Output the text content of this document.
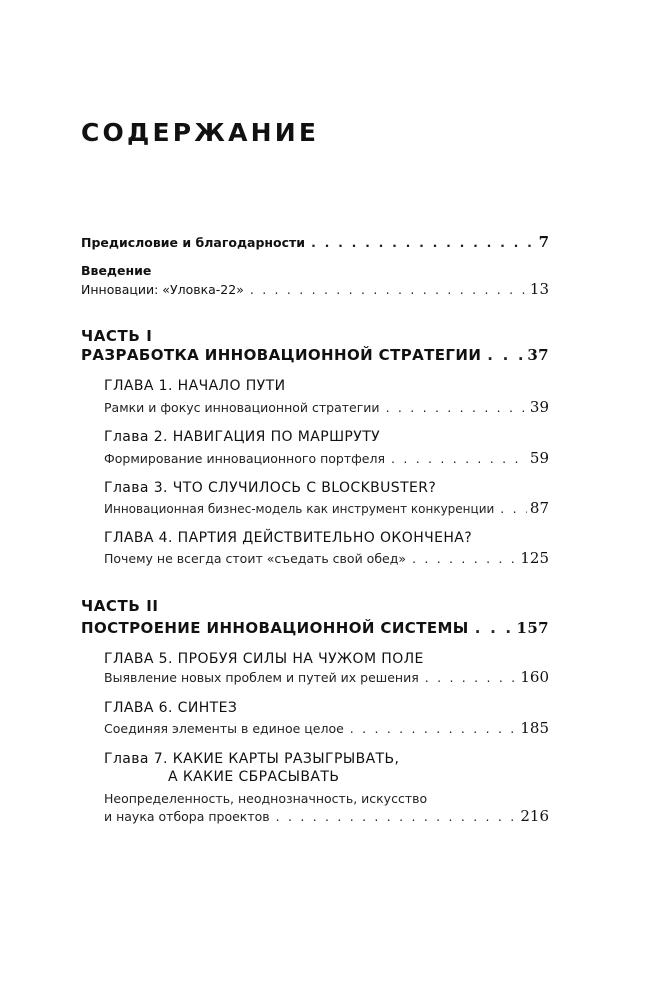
СОДЕРЖАНИЕ
Предисловие и благодарности . . .	7
Введение
Инновации: «Уловка-22» . . .	13
ЧАСТЬ I
РАЗРАБОТКА ИННОВАЦИОННОЙ СТРАТЕГИИ . . .	37
ГЛАВА 1. НАЧАЛО ПУТИ
Рамки и фокус инновационной стратегии . . .	39
Глава 2. НАВИГАЦИЯ ПО МАРШРУТУ
Формирование инновационного портфеля . . .	59
Глава 3. ЧТО СЛУЧИЛОСЬ С BLOCKBUSTER?
Инновационная бизнес-модель как инструмент конкуренции . . . 87
ГЛАВА 4. ПАРТИЯ ДЕЙСТВИТЕЛЬНО ОКОНЧЕНА?
Почему не всегда стоит «съедать свой обед» . . .	125
ЧАСТЬ II
ПОСТРОЕНИЕ ИННОВАЦИОННОЙ СИСТЕМЫ . . .	157
ГЛАВА 5. ПРОБУЯ СИЛЫ НА ЧУЖОМ ПОЛЕ
Выявление новых проблем и путей их решения . . .	160
ГЛАВА 6. СИНТЕЗ
Соединяя элементы в единое целое . . .	185
Глава 7. КАКИЕ КАРТЫ РАЗЫГРЫВАТЬ,
А КАКИЕ СБРАСЫВАТЬ
Неопределенность, неоднозначность, искусство
и наука отбора проектов . . .	216
